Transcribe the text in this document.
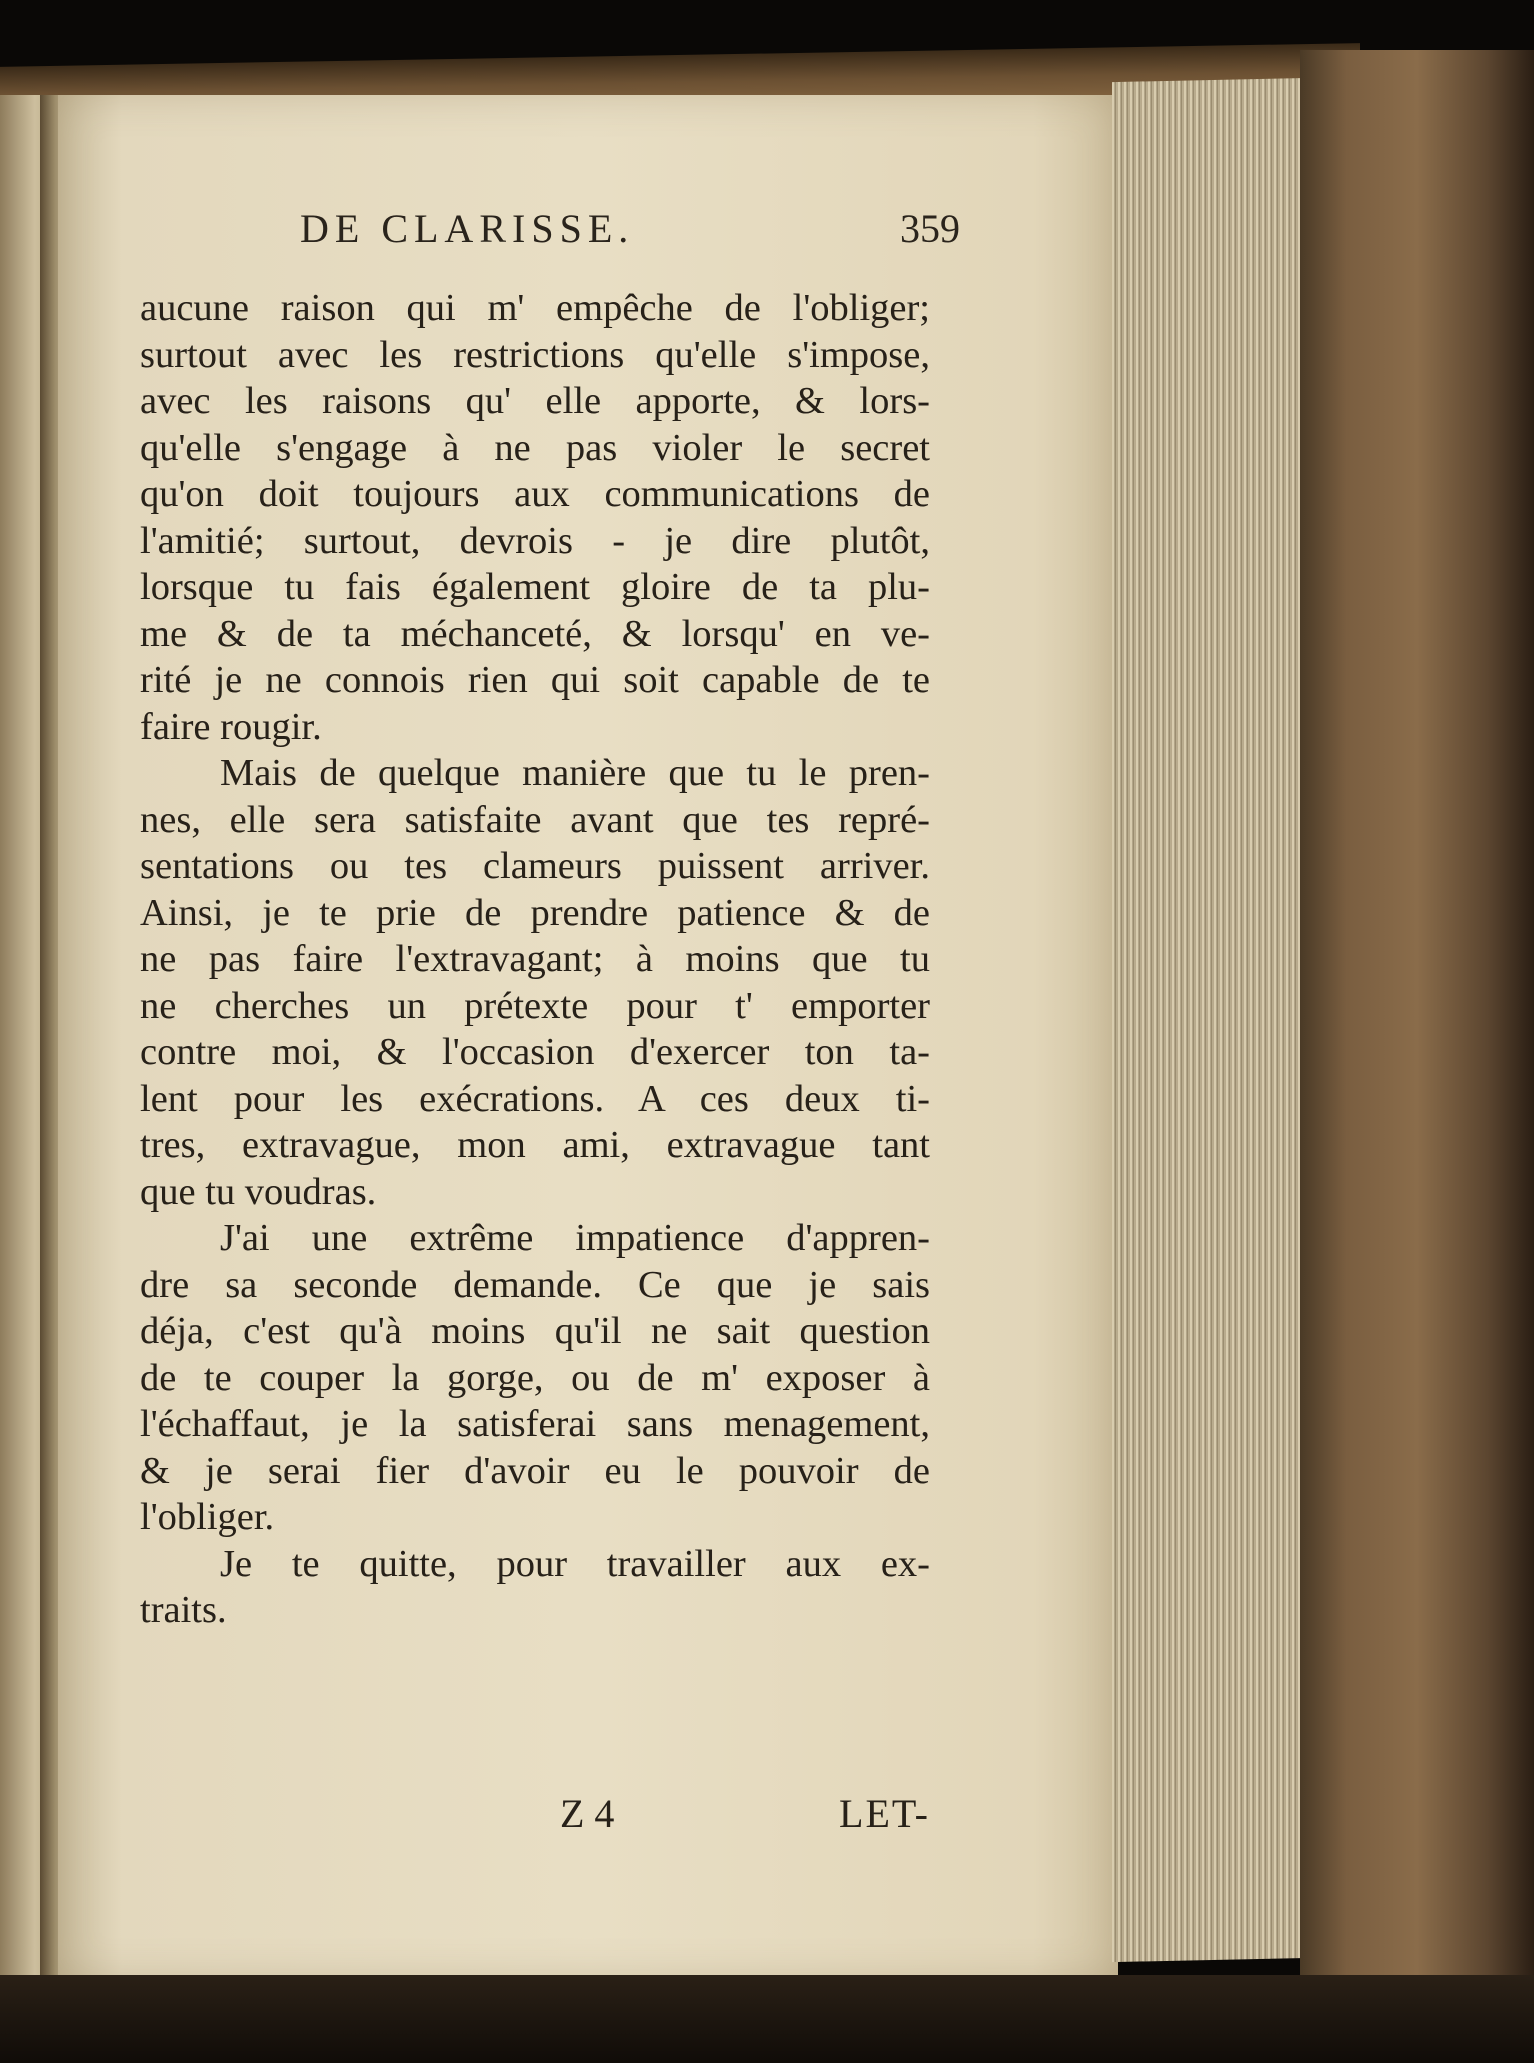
DE CLARISSE.	359
aucune raison qui m' empêche de l'obliger;
surtout avec les restrictions qu'elle s'impose,
avec les raisons qu' elle apporte, & lors-
qu'elle s'engage à ne pas violer le secret
qu'on doit toujours aux communications de
l'amitié; surtout, devrois - je dire plutôt,
lorsque tu fais également gloire de ta plu-
me & de ta méchanceté, & lorsqu' en ve-
rité je ne connois rien qui soit capable de te
faire rougir.
Mais de quelque manière que tu le pren-
nes, elle sera satisfaite avant que tes repré-
sentations ou tes clameurs puissent arriver.
Ainsi, je te prie de prendre patience & de
ne pas faire l'extravagant; à moins que tu
ne cherches un prétexte pour t' emporter
contre moi, & l'occasion d'exercer ton ta-
lent pour les exécrations. A ces deux ti-
tres, extravague, mon ami, extravague tant
que tu voudras.
J'ai une extrême impatience d'appren-
dre sa seconde demande. Ce que je sais
déja, c'est qu'à moins qu'il ne sait question
de te couper la gorge, ou de m' exposer à
l'échaffaut, je la satisferai sans menagement,
& je serai fier d'avoir eu le pouvoir de
l'obliger.
Je te quitte, pour travailler aux ex-
traits.
Z 4	LET-
